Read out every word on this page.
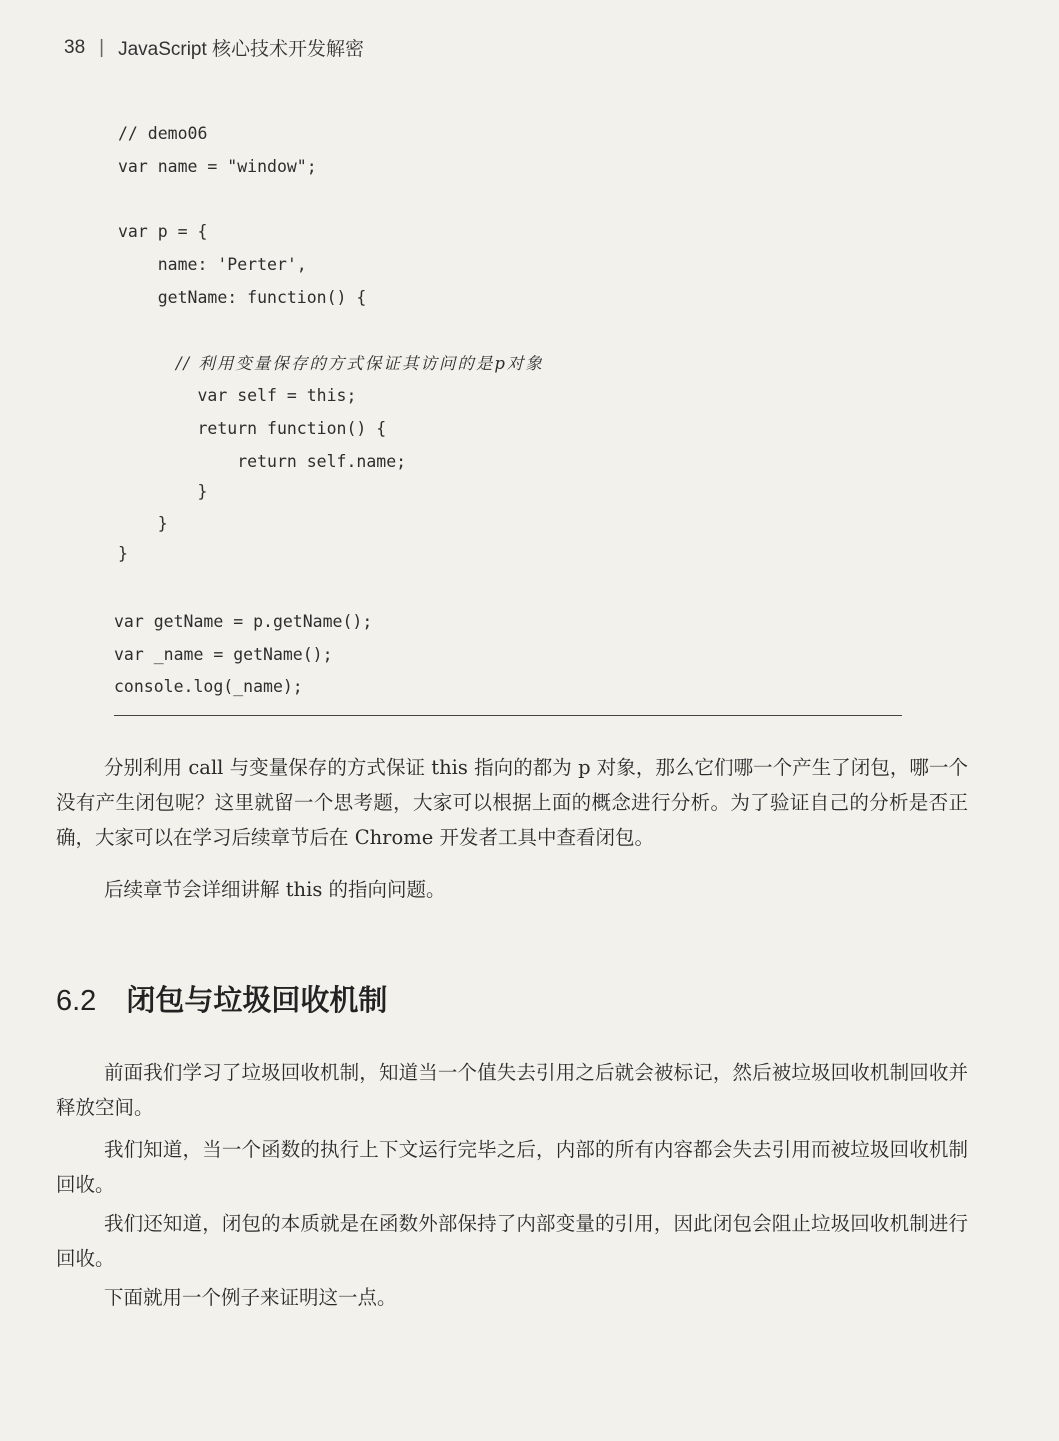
38 | JavaScript 核心技术开发解密
// demo06
var name = "window";
var p = {
name: 'Perter',
getName: function() {
// 利用变量保存的方式保证其访问的是p对象
var self = this;
return function() {
return self.name;
}
}
}
var getName = p.getName();
var _name = getName();
console.log(_name);

分别利用 call 与变量保存的方式保证 this 指向的都为 p 对象，那么它们哪一个产生了闭包，哪一个没有产生闭包呢？这里就留一个思考题，大家可以根据上面的概念进行分析。为了验证自己的分析是否正确，大家可以在学习后续章节后在 Chrome 开发者工具中查看闭包。

后续章节会详细讲解 this 的指向问题。

6.2 闭包与垃圾回收机制

前面我们学习了垃圾回收机制，知道当一个值失去引用之后就会被标记，然后被垃圾回收机制回收并释放空间。

我们知道，当一个函数的执行上下文运行完毕之后，内部的所有内容都会失去引用而被垃圾回收机制回收。

我们还知道，闭包的本质就是在函数外部保持了内部变量的引用，因此闭包会阻止垃圾回收机制进行回收。

下面就用一个例子来证明这一点。
